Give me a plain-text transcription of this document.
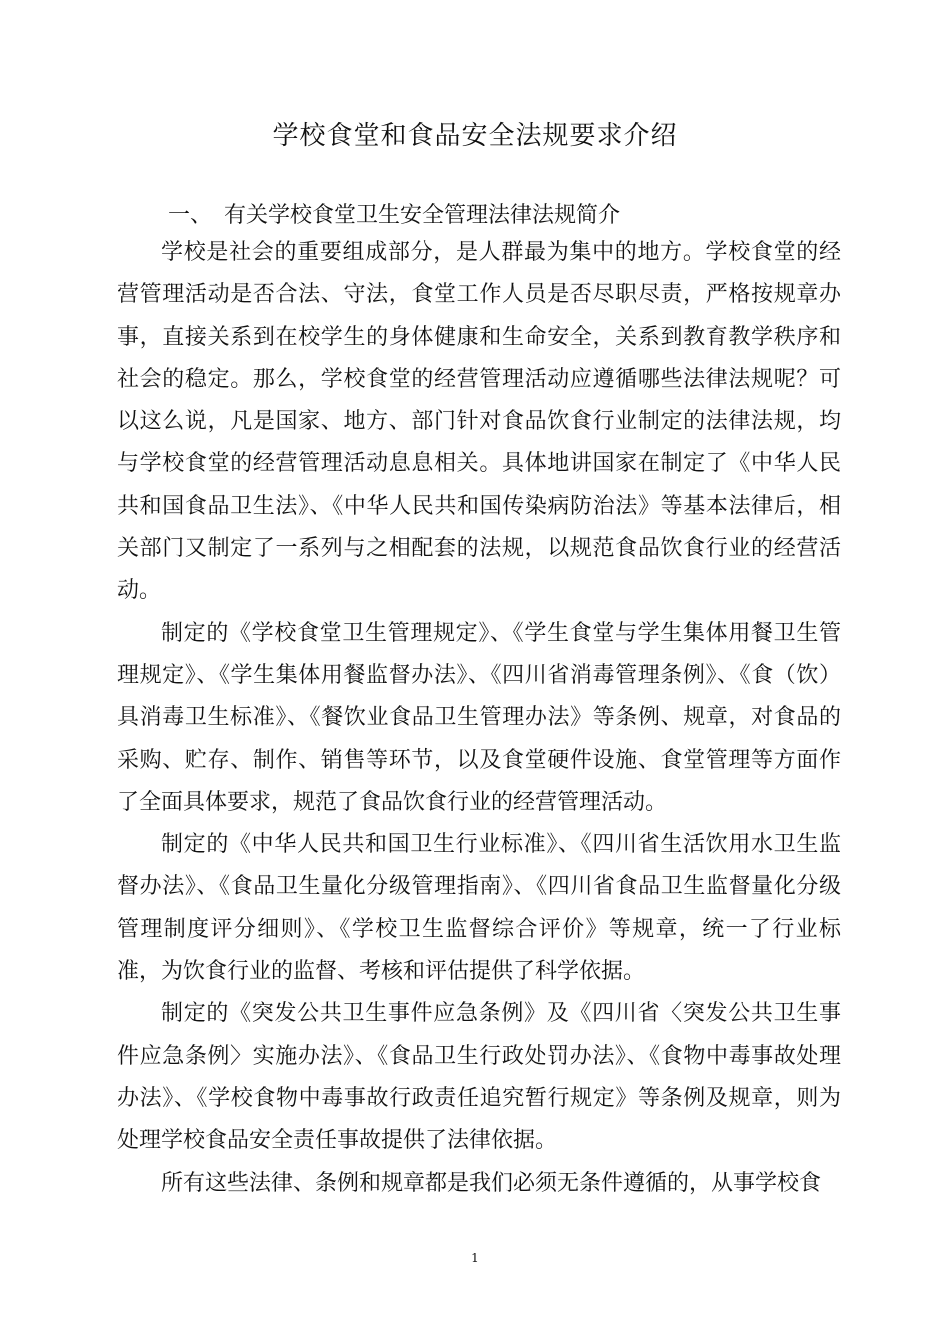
学校食堂和食品安全法规要求介绍
一、 有关学校食堂卫生安全管理法律法规简介

学校是社会的重要组成部分，是人群最为集中的地方。学校食堂的经营管理活动是否合法、守法，食堂工作人员是否尽职尽责，严格按规章办事，直接关系到在校学生的身体健康和生命安全，关系到教育教学秩序和社会的稳定。那么，学校食堂的经营管理活动应遵循哪些法律法规呢？可以这么说，凡是国家、地方、部门针对食品饮食行业制定的法律法规，均与学校食堂的经营管理活动息息相关。具体地讲国家在制定了《中华人民共和国食品卫生法》、《中华人民共和国传染病防治法》等基本法律后，相关部门又制定了一系列与之相配套的法规，以规范食品饮食行业的经营活动。

制定的《学校食堂卫生管理规定》、《学生食堂与学生集体用餐卫生管理规定》、《学生集体用餐监督办法》、《四川省消毒管理条例》、《食（饮）具消毒卫生标准》、《餐饮业食品卫生管理办法》等条例、规章，对食品的采购、贮存、制作、销售等环节，以及食堂硬件设施、食堂管理等方面作了全面具体要求，规范了食品饮食行业的经营管理活动。

制定的《中华人民共和国卫生行业标准》、《四川省生活饮用水卫生监督办法》、《食品卫生量化分级管理指南》、《四川省食品卫生监督量化分级管理制度评分细则》、《学校卫生监督综合评价》等规章，统一了行业标准，为饮食行业的监督、考核和评估提供了科学依据。

制定的《突发公共卫生事件应急条例》及《四川省〈突发公共卫生事件应急条例〉实施办法》、《食品卫生行政处罚办法》、《食物中毒事故处理办法》、《学校食物中毒事故行政责任追究暂行规定》等条例及规章，则为处理学校食品安全责任事故提供了法律依据。

所有这些法律、条例和规章都是我们必须无条件遵循的，从事学校食

1
